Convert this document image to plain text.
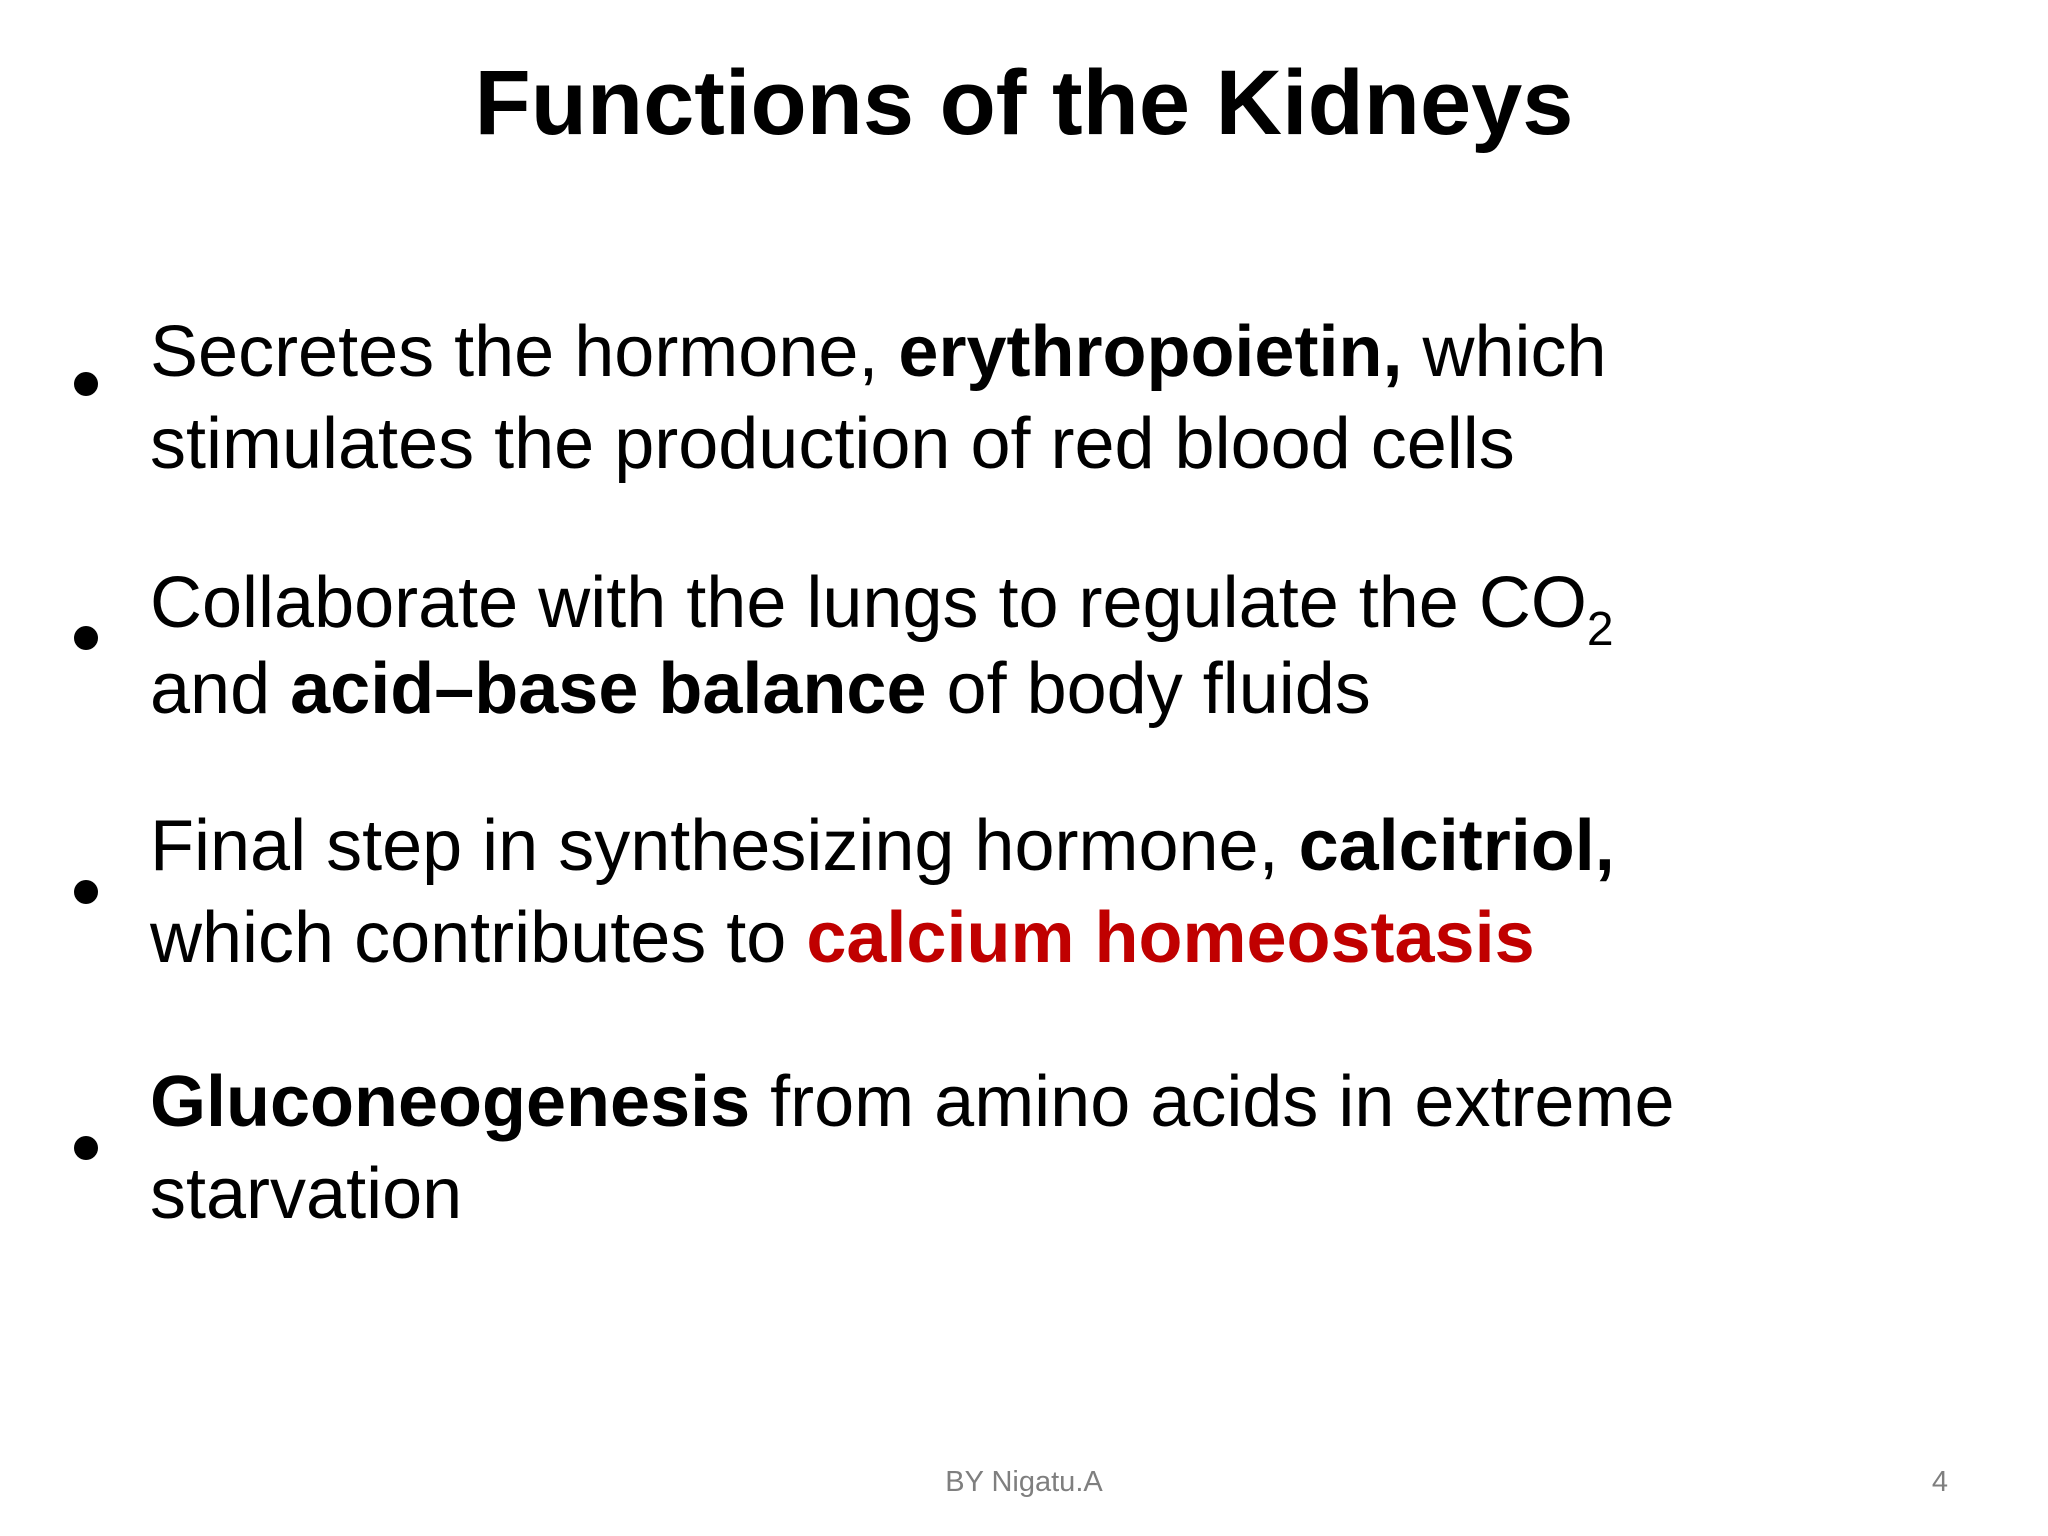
Functions of the Kidneys
Secretes the hormone, erythropoietin, which
stimulates the production of red blood cells
Collaborate with the lungs to regulate the $CO_2$
and acid–base balance of body fluids
Final step in synthesizing hormone, calcitriol,
which contributes to calcium homeostasis
Gluconeogenesis from amino acids in extreme
starvation
BY Nigatu.A	4
